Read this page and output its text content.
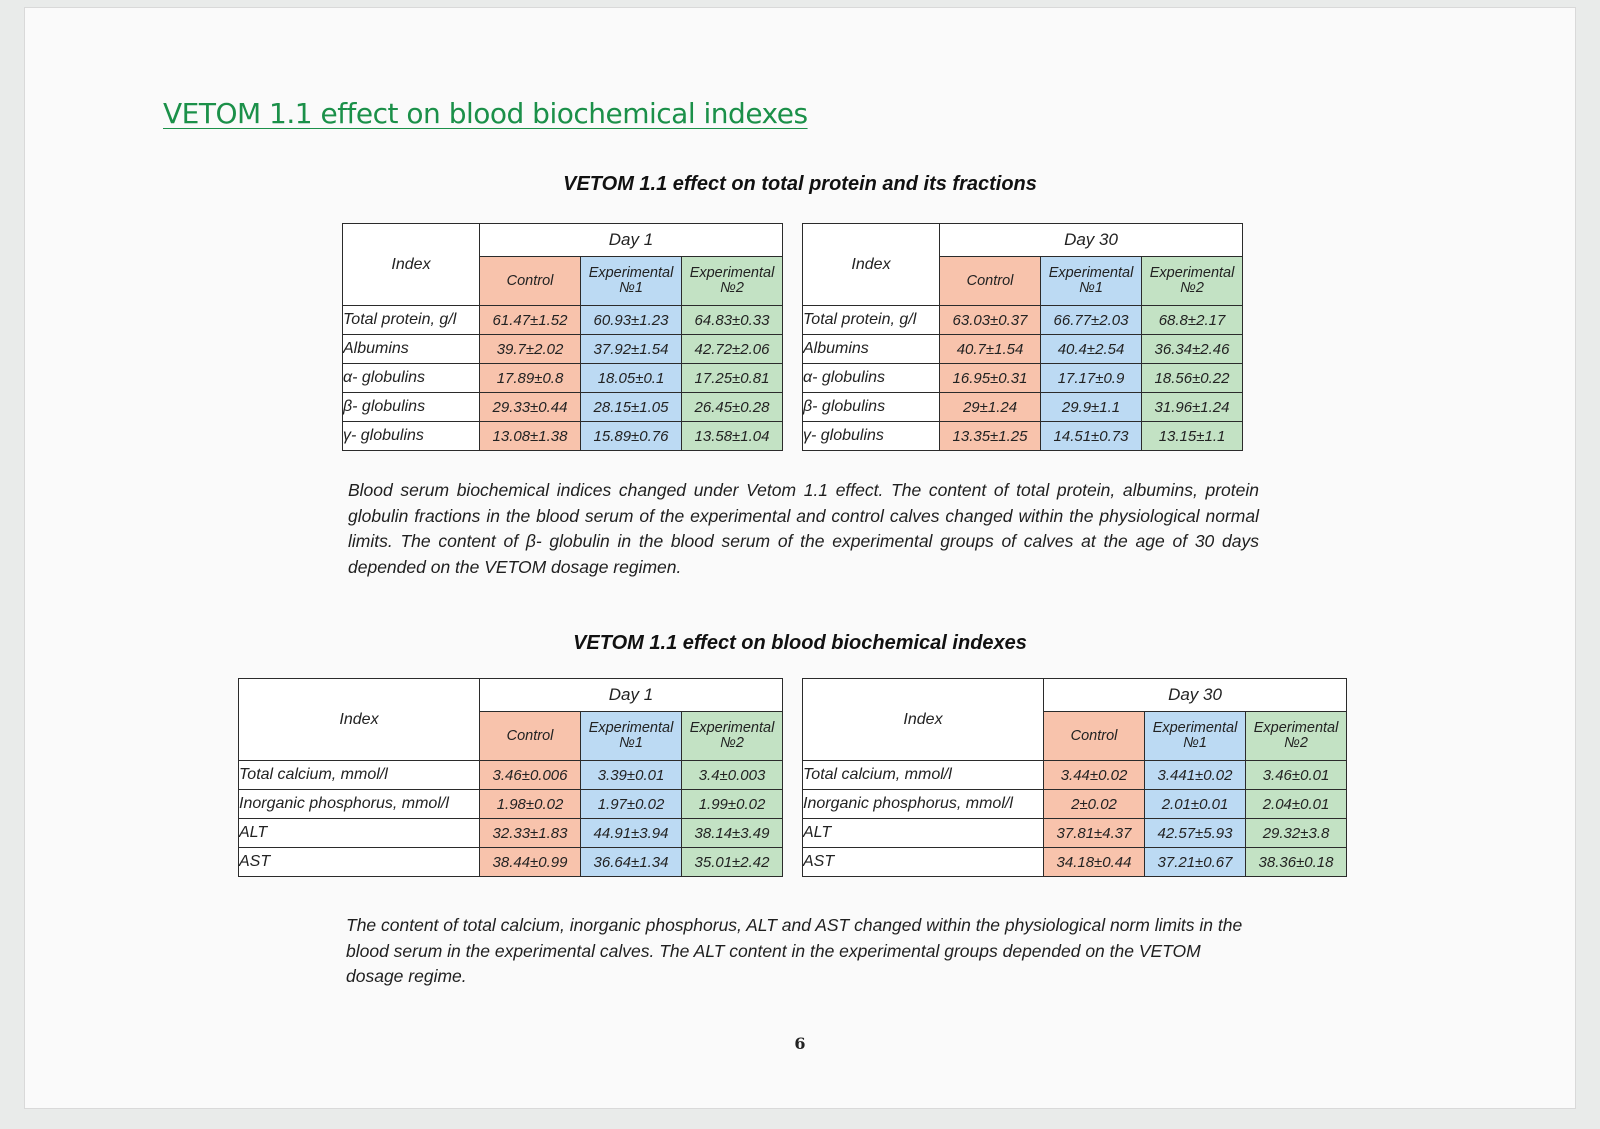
VETOM 1.1 effect on blood biochemical indexes
VETOM 1.1 effect on total protein and its fractions
Index	Day 1		
	Control	Experimental №1	Experimental №2
Total protein, g/l	61.47±1.52	60.93±1.23	64.83±0.33
Albumins	39.7±2.02	37.92±1.54	42.72±2.06
α- globulins	17.89±0.8	18.05±0.1	17.25±0.81
β- globulins	29.33±0.44	28.15±1.05	26.45±0.28
γ- globulins	13.08±1.38	15.89±0.76	13.58±1.04
Index	Day 30		
	Control	Experimental №1	Experimental №2
Total protein, g/l	63.03±0.37	66.77±2.03	68.8±2.17
Albumins	40.7±1.54	40.4±2.54	36.34±2.46
α- globulins	16.95±0.31	17.17±0.9	18.56±0.22
β- globulins	29±1.24	29.9±1.1	31.96±1.24
γ- globulins	13.35±1.25	14.51±0.73	13.15±1.1

Blood serum biochemical indices changed under Vetom 1.1 effect. The content of total protein, albumins, protein globulin fractions in the blood serum of the experimental and control calves changed within the physiological normal limits. The content of β- globulin in the blood serum of the experimental groups of calves at the age of 30 days depended on the VETOM dosage regimen.

VETOM 1.1 effect on blood biochemical indexes
Index	Day 1		
	Control	Experimental №1	Experimental №2
Total calcium, mmol/l	3.46±0.006	3.39±0.01	3.4±0.003
Inorganic phosphorus, mmol/l	1.98±0.02	1.97±0.02	1.99±0.02
ALT	32.33±1.83	44.91±3.94	38.14±3.49
AST	38.44±0.99	36.64±1.34	35.01±2.42
Index	Day 30		
	Control	Experimental №1	Experimental №2
Total calcium, mmol/l	3.44±0.02	3.441±0.02	3.46±0.01
Inorganic phosphorus, mmol/l	2±0.02	2.01±0.01	2.04±0.01
ALT	37.81±4.37	42.57±5.93	29.32±3.8
AST	34.18±0.44	37.21±0.67	38.36±0.18

The content of total calcium, inorganic phosphorus, ALT and AST changed within the physiological norm limits in the blood serum in the experimental calves. The ALT content in the experimental groups depended on the VETOM dosage regime.

6
